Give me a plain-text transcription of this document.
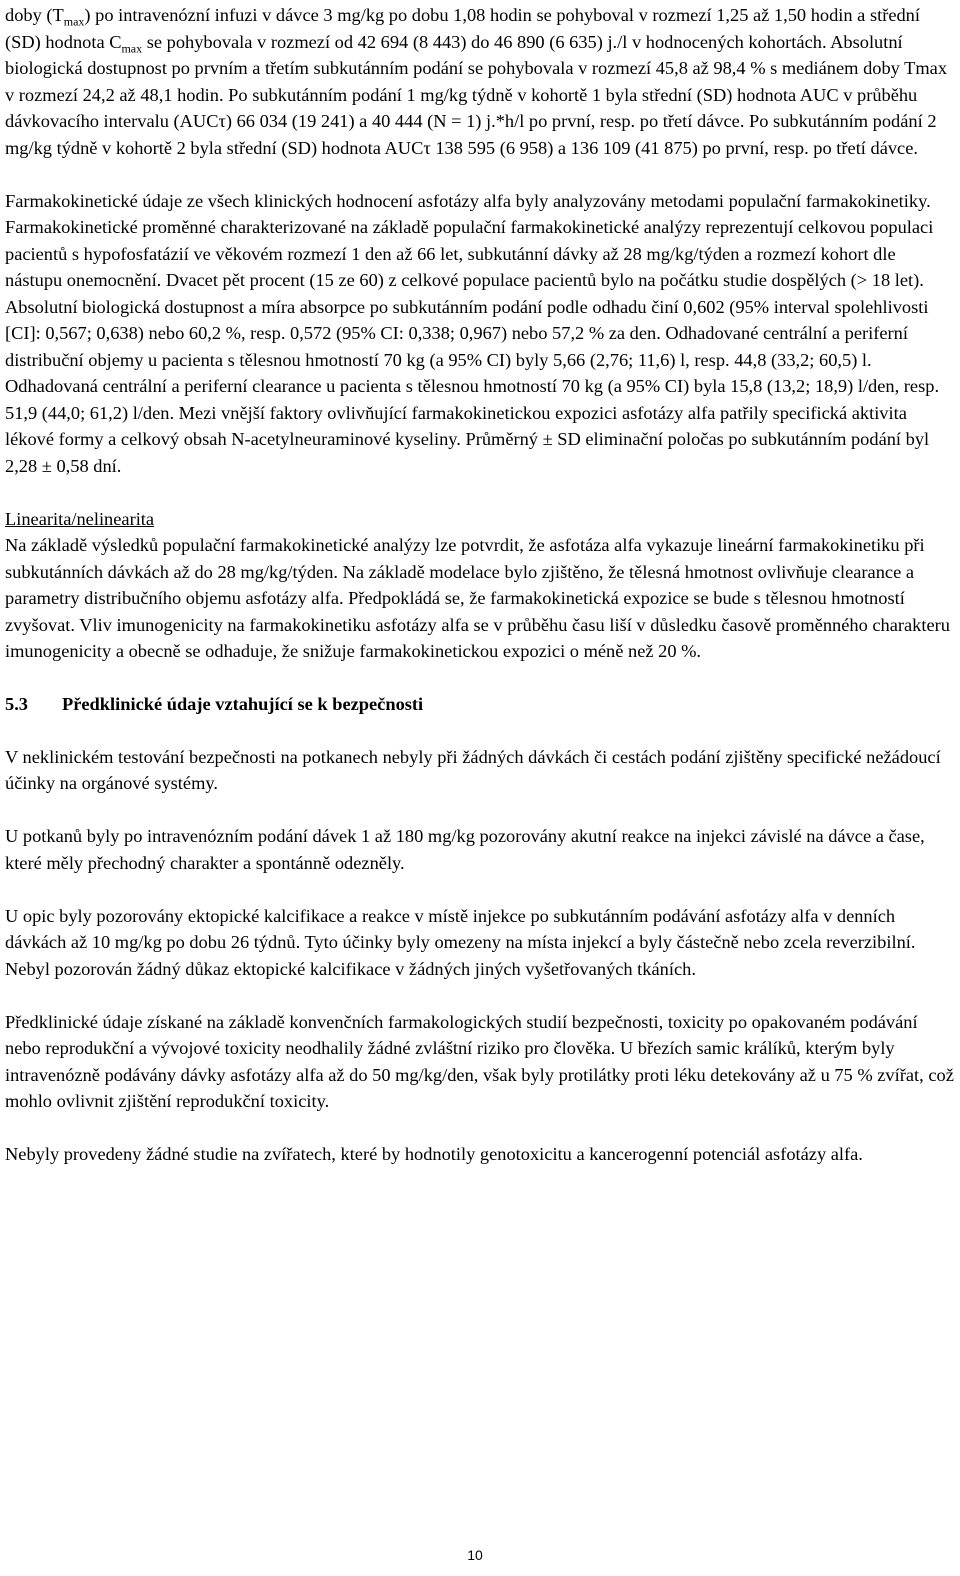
doby $(T_{max})$ po intravenózní infuzi v dávce 3 mg/kg po dobu 1,08 hodin se pohyboval v rozmezí 1,25 až 1,50 hodin a střední (SD) hodnota $C_{max}$ se pohybovala v rozmezí od 42 694 (8 443) do 46 890 (6 635) j./l v hodnocených kohortách. Absolutní biologická dostupnost po prvním a třetím subkutánním podání se pohybovala v rozmezí 45,8 až 98,4 % s mediánem doby Tmax v rozmezí 24,2 až 48,1 hodin. Po subkutánním podání 1 mg/kg týdně v kohortě 1 byla střední (SD) hodnota AUC v průběhu dávkovacího intervalu (AUCτ) 66 034 (19 241) a 40 444 (N = 1) j.*h/l po první, resp. po třetí dávce. Po subkutánním podání 2 mg/kg týdně v kohortě 2 byla střední (SD) hodnota AUCτ 138 595 (6 958) a 136 109 (41 875) po první, resp. po třetí dávce.

Farmakokinetické údaje ze všech klinických hodnocení asfotázy alfa byly analyzovány metodami populační farmakokinetiky. Farmakokinetické proměnné charakterizované na základě populační farmakokinetické analýzy reprezentují celkovou populaci pacientů s hypofosfatázií ve věkovém rozmezí 1 den až 66 let, subkutánní dávky až 28 mg/kg/týden a rozmezí kohort dle nástupu onemocnění. Dvacet pět procent (15 ze 60) z celkové populace pacientů bylo na počátku studie dospělých (> 18 let). Absolutní biologická dostupnost a míra absorpce po subkutánním podání podle odhadu činí 0,602 (95% interval spolehlivosti [CI]: 0,567; 0,638) nebo 60,2 %, resp. 0,572 (95% CI: 0,338; 0,967) nebo 57,2 % za den. Odhadované centrální a periferní distribuční objemy u pacienta s tělesnou hmotností 70 kg (a 95% CI) byly 5,66 (2,76; 11,6) l, resp. 44,8 (33,2; 60,5) l. Odhadovaná centrální a periferní clearance u pacienta s tělesnou hmotností 70 kg (a 95% CI) byla 15,8 (13,2; 18,9) l/den, resp. 51,9 (44,0; 61,2) l/den. Mezi vnější faktory ovlivňující farmakokinetickou expozici asfotázy alfa patřily specifická aktivita lékové formy a celkový obsah N-acetylneuraminové kyseliny. Průměrný ± SD eliminační poločas po subkutánním podání byl 2,28 ± 0,58 dní.

Linearita/nelinearita

Na základě výsledků populační farmakokinetické analýzy lze potvrdit, že asfotáza alfa vykazuje lineární farmakokinetiku při subkutánních dávkách až do 28 mg/kg/týden. Na základě modelace bylo zjištěno, že tělesná hmotnost ovlivňuje clearance a parametry distribučního objemu asfotázy alfa. Předpokládá se, že farmakokinetická expozice se bude s tělesnou hmotností zvyšovat. Vliv imunogenicity na farmakokinetiku asfotázy alfa se v průběhu času liší v důsledku časově proměnného charakteru imunogenicity a obecně se odhaduje, že snižuje farmakokinetickou expozici o méně než 20 %.

5.3 Předklinické údaje vztahující se k bezpečnosti

V neklinickém testování bezpečnosti na potkanech nebyly při žádných dávkách či cestách podání zjištěny specifické nežádoucí účinky na orgánové systémy.

U potkanů byly po intravenózním podání dávek 1 až 180 mg/kg pozorovány akutní reakce na injekci závislé na dávce a čase, které měly přechodný charakter a spontánně odezněly.

U opic byly pozorovány ektopické kalcifikace a reakce v místě injekce po subkutánním podávání asfotázy alfa v denních dávkách až 10 mg/kg po dobu 26 týdnů. Tyto účinky byly omezeny na místa injekcí a byly částečně nebo zcela reverzibilní.

Nebyl pozorován žádný důkaz ektopické kalcifikace v žádných jiných vyšetřovaných tkáních.

Předklinické údaje získané na základě konvenčních farmakologických studií bezpečnosti, toxicity po opakovaném podávání nebo reprodukční a vývojové toxicity neodhalily žádné zvláštní riziko pro člověka. U březích samic králíků, kterým byly intravenózně podávány dávky asfotázy alfa až do 50 mg/kg/den, však byly protilátky proti léku detekovány až u 75 % zvířat, což mohlo ovlivnit zjištění reprodukční toxicity.

Nebyly provedeny žádné studie na zvířatech, které by hodnotily genotoxicitu a kancerogenní potenciál asfotázy alfa.

10
